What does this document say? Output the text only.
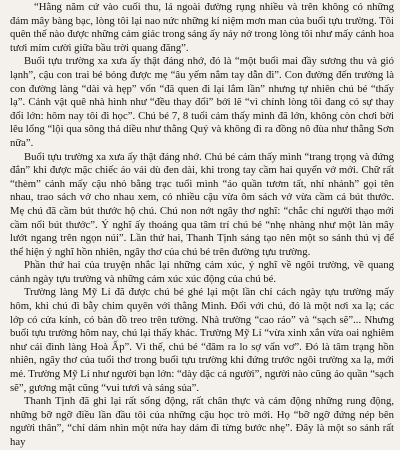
“Hằng năm cứ vào cuối thu, lá ngoài đường rụng nhiều và trên không có những đám mây bàng bạc, lòng tôi lại nao nức những kỉ niệm mơn man của buổi tựu trường. Tôi quên thế nào được những cảm giác trong sáng ấy nảy nở trong lòng tôi như mấy cánh hoa tươi mỉm cười giữa bầu trời quang đãng”.

Buổi tựu trường xa xưa ấy thật đáng nhớ, đó là “một buổi mai đầy sương thu và gió lạnh”, cậu con trai bé bỏng được mẹ “âu yếm nắm tay dẫn đi”. Con đường đến trường là con đường làng “dài và hẹp” vốn “đã quen đi lại lắm lần” nhưng tự nhiên chú bé “thấy lạ”. Cảnh vật quê nhà hình như “đều thay đổi” bởi lẽ “vì chính lòng tôi đang có sự thay đổi lớn: hôm nay tôi đi học”. Chú bé 7, 8 tuổi cảm thấy mình đã lớn, không còn chơi bời lêu lổng “lội qua sông thả diều như thằng Quý và không đi ra đồng nô đùa như thằng Sơn nữa”.

Buổi tựu trường xa xưa ấy thật đáng nhớ. Chú bé cảm thấy mình “trang trọng và đứng đắn” khi được mặc chiếc áo vải dù đen dài, khi trong tay cầm hai quyển vở mới. Chữ rất “thèm” cảnh mấy cậu nhỏ bằng trạc tuổi mình “áo quần tươm tất, nhí nhảnh” gọi tên nhau, trao sách vở cho nhau xem, có nhiều cậu vừa ôm sách vở vừa cầm cả bút thước. Mẹ chú đã cầm bút thước hộ chú. Chú non nớt ngây thơ nghĩ: “chắc chỉ người thạo mới cầm nổi bút thước”. Ý nghĩ ấy thoáng qua tâm trí chú bé “nhẹ nhàng như một làn mây lướt ngang trên ngọn núi”. Lần thứ hai, Thanh Tịnh sáng tạo nên một so sánh thú vị để thể hiện ý nghĩ hồn nhiên, ngây thơ của chú bé trên đường tựu trường.

Phần thứ hai của truyện nhắc lại những cảm xúc, ý nghĩ về ngôi trường, về quang cảnh ngày tựu trường và những cảm xúc xúc động của chú bé.

Trường làng Mỹ Lí đã được chú bé ghé lại một lần chỉ cách ngày tựu trường mấy hôm, khi chú đi bẫy chim quyên với thằng Minh. Đối với chú, đó là một nơi xa lạ; các lớp có cửa kính, có bàn đồ treo trên tường. Nhà trường “cao ráo” và “sạch sẽ”... Nhưng buổi tựu trường hôm nay, chú lại thấy khác. Trường Mỹ Lí “vừa xinh xắn vừa oai nghiêm như cái đình làng Hoà Ấp”. Vì thế, chú bé “đâm ra lo sợ vẩn vơ”. Đó là tâm trạng hồn nhiên, ngây thơ của tuổi thơ trong buổi tựu trường khi đứng trước ngôi trường xa lạ, mới mẻ. Trường Mỹ Lí như người bạn lớn: “dày dặc cả người”, người nào cũng áo quần “sạch sẽ”, gương mặt cũng “vui tươi và sáng sủa”.

Thanh Tịnh đã ghi lại rất sống động, rất chân thực và cảm động những rung động, những bỡ ngỡ điều lần đầu tôi của những cậu học trò mới. Họ “bỡ ngỡ đứng nép bên người thân”, “chỉ dám nhìn một nửa hay dám đi từng bước nhẹ”. Đây là một so sánh rất hay
